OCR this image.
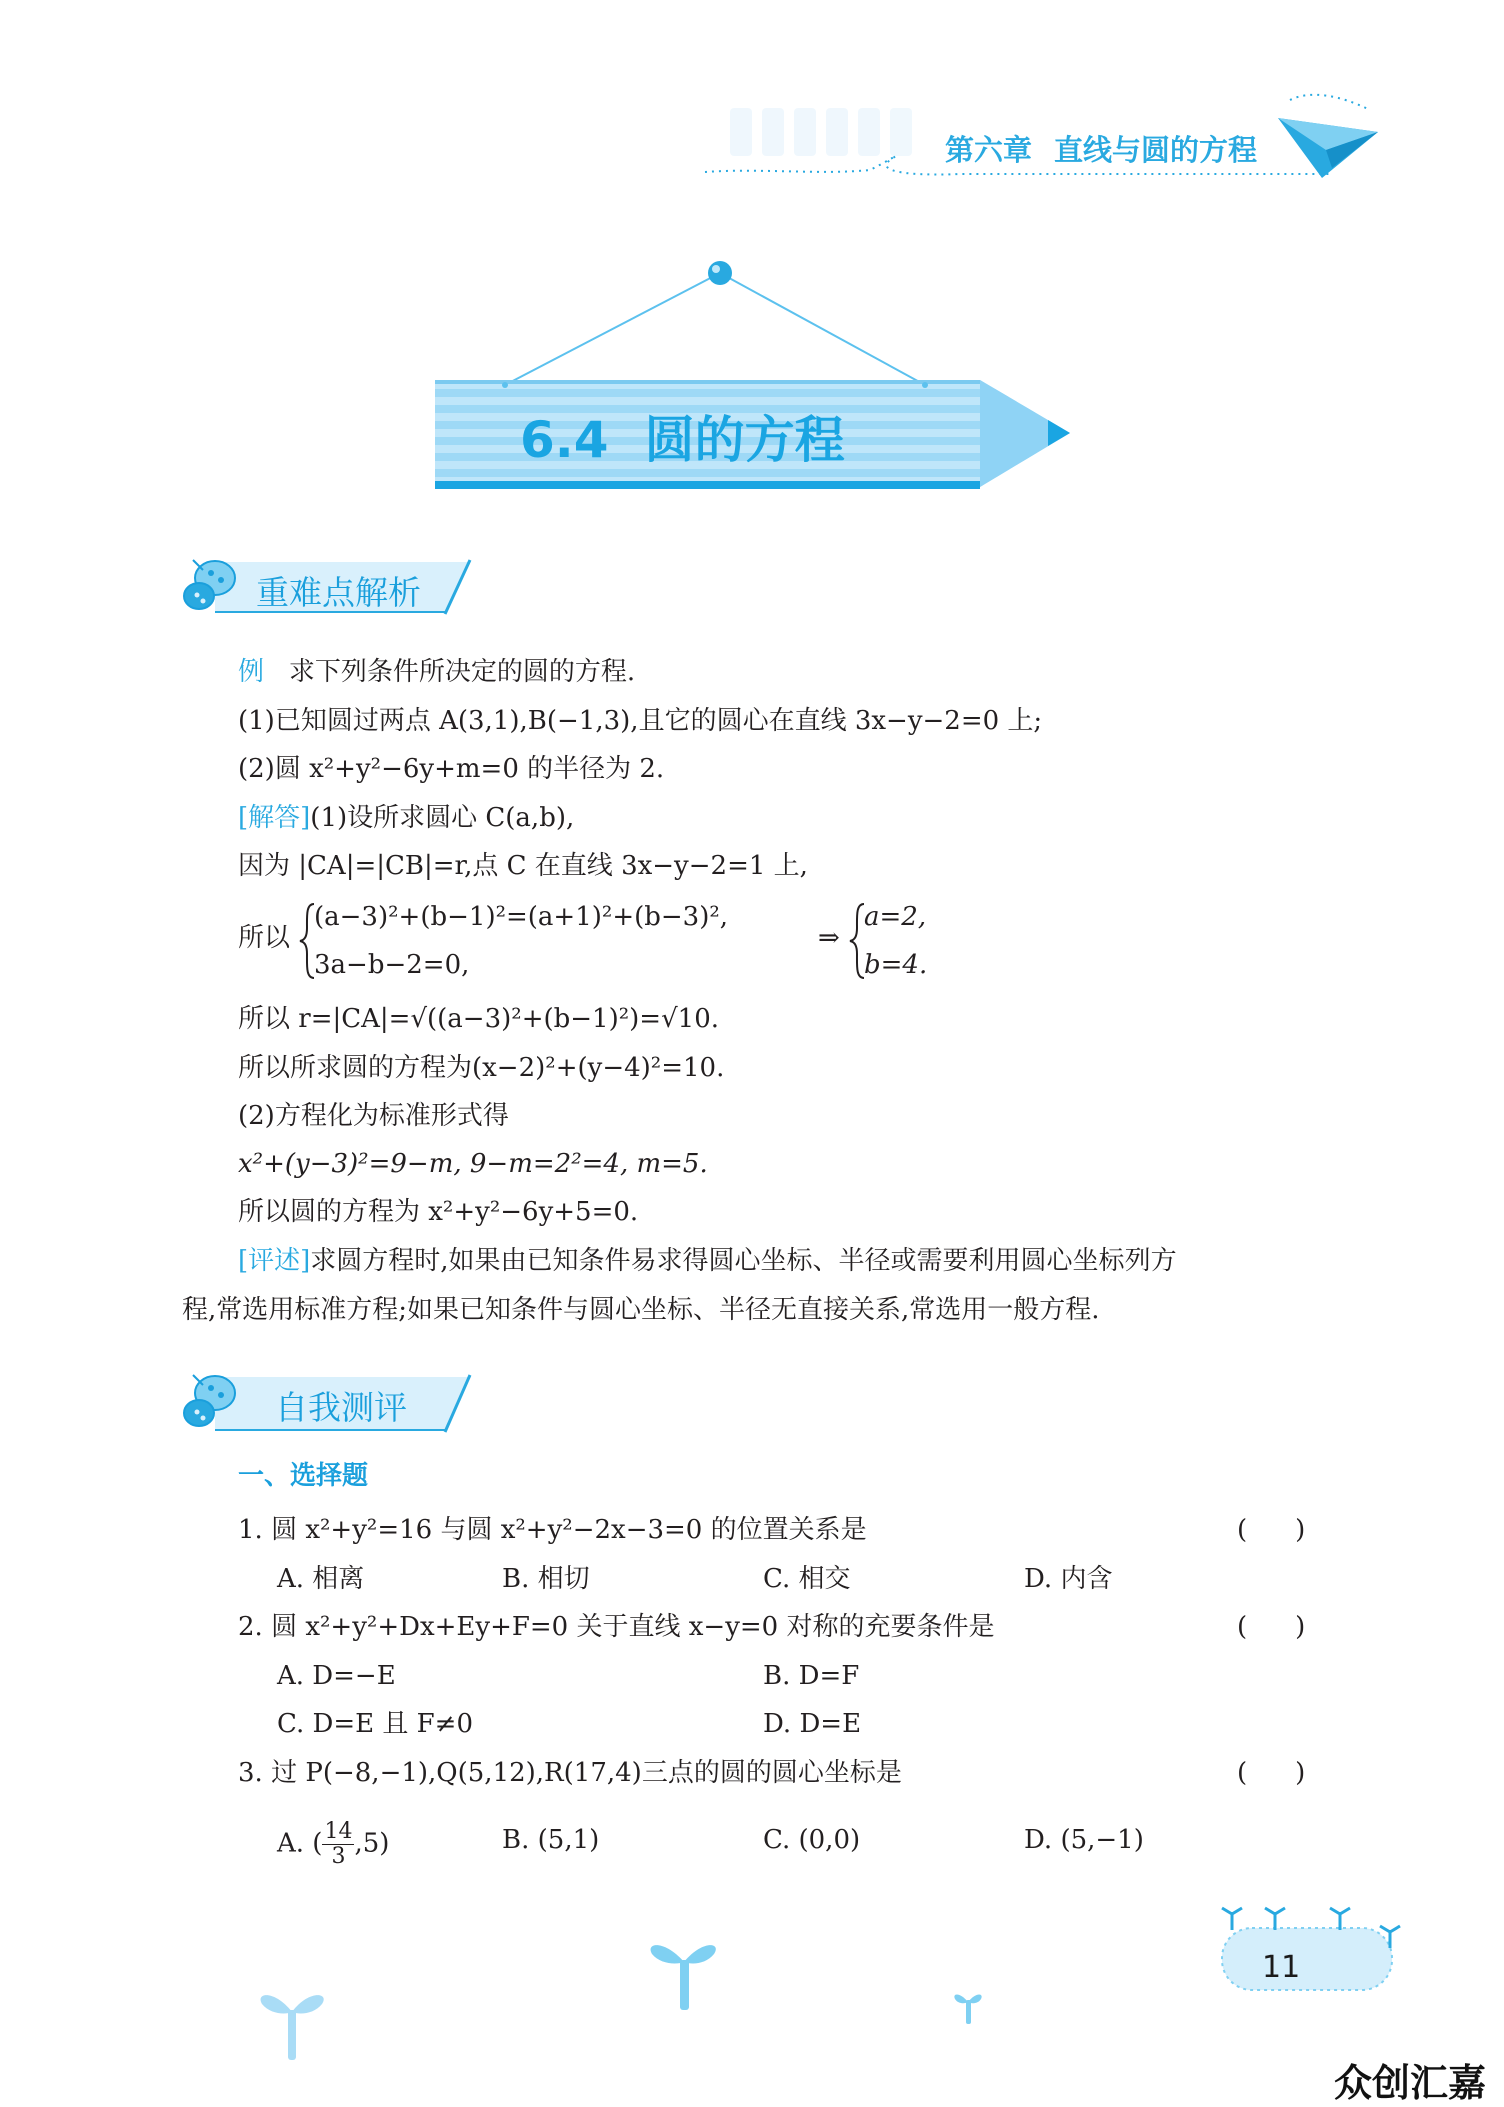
第六章 直线与圆的方程
6.4 圆的方程
重难点解析
例 求下列条件所决定的圆的方程.
(1)已知圆过两点 A(3,1),B(−1,3),且它的圆心在直线 3x−y−2=0 上;
(2)圆 x²+y²−6y+m=0 的半径为 2.
[解答](1)设所求圆心 C(a,b),
因为 |CA|=|CB|=r,点 C 在直线 3x−y−2=1 上,
所以
(a−3)²+(b−1)²=(a+1)²+(b−3)²,
3a−b−2=0,
⇒
a=2,
b=4.
所以 r=|CA|=√((a−3)²+(b−1)²)=√10.
所以所求圆的方程为(x−2)²+(y−4)²=10.
(2)方程化为标准形式得
x²+(y−3)²=9−m, 9−m=2²=4, m=5.
所以圆的方程为 x²+y²−6y+5=0.
[评述]求圆方程时,如果由已知条件易求得圆心坐标、半径或需要利用圆心坐标列方
程,常选用标准方程;如果已知条件与圆心坐标、半径无直接关系,常选用一般方程.
自我测评
一、选择题
1. 圆 x²+y²=16 与圆 x²+y²−2x−3=0 的位置关系是	( )
A. 相离	B. 相切	C. 相交	D. 内含
2. 圆 x²+y²+Dx+Ey+F=0 关于直线 x−y=0 对称的充要条件是	( )
A. D=−E	B. D=F
C. D=E 且 F≠0	D. D=E
3. 过 P(−8,−1),Q(5,12),R(17,4)三点的圆的圆心坐标是	( )
A. ( $\frac{14}{3} ,5$)	B. (5,1)	C. (0,0)	D. (5,−1)
11
众创汇嘉
